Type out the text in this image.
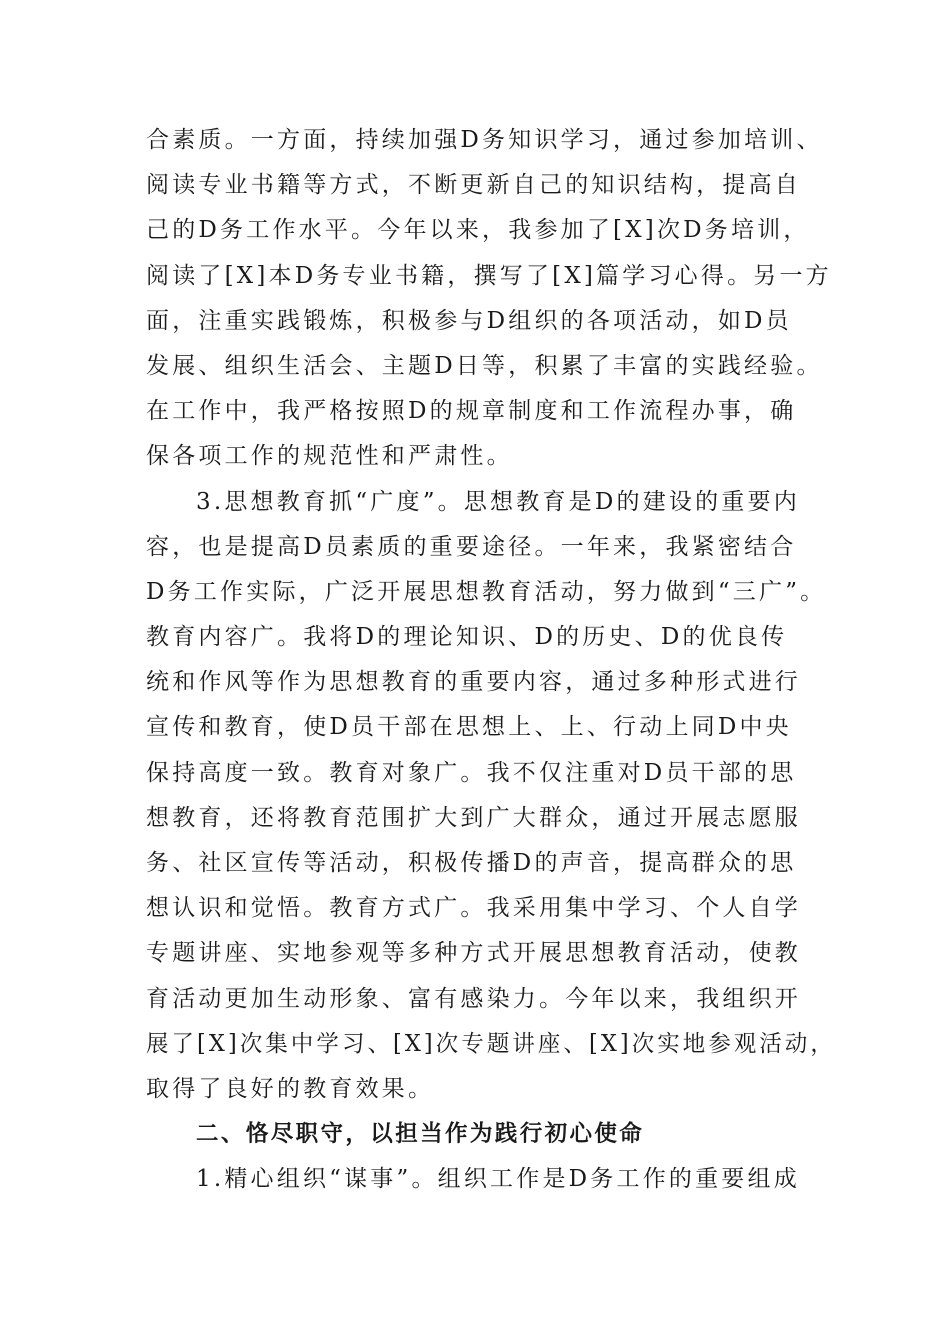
合素质。一方面，持续加强D务知识学习，通过参加培训、
阅读专业书籍等方式，不断更新自己的知识结构，提高自
己的D务工作水平。今年以来，我参加了[X]次D务培训，
阅读了[X]本D务专业书籍，撰写了[X]篇学习心得。另一方
面，注重实践锻炼，积极参与D组织的各项活动，如D员
发展、组织生活会、主题D日等，积累了丰富的实践经验。
在工作中，我严格按照D的规章制度和工作流程办事，确
保各项工作的规范性和严肃性。
3.思想教育抓“广度”。思想教育是D的建设的重要内
容，也是提高D员素质的重要途径。一年来，我紧密结合
D务工作实际，广泛开展思想教育活动，努力做到“三广”。
教育内容广。我将D的理论知识、D的历史、D的优良传
统和作风等作为思想教育的重要内容，通过多种形式进行
宣传和教育，使D员干部在思想上、上、行动上同D中央
保持高度一致。教育对象广。我不仅注重对D员干部的思
想教育，还将教育范围扩大到广大群众，通过开展志愿服
务、社区宣传等活动，积极传播D的声音，提高群众的思
想认识和觉悟。教育方式广。我采用集中学习、个人自学
专题讲座、实地参观等多种方式开展思想教育活动，使教
育活动更加生动形象、富有感染力。今年以来，我组织开
展了[X]次集中学习、[X]次专题讲座、[X]次实地参观活动，
取得了良好的教育效果。
二、恪尽职守，以担当作为践行初心使命
1.精心组织“谋事”。组织工作是D务工作的重要组成
